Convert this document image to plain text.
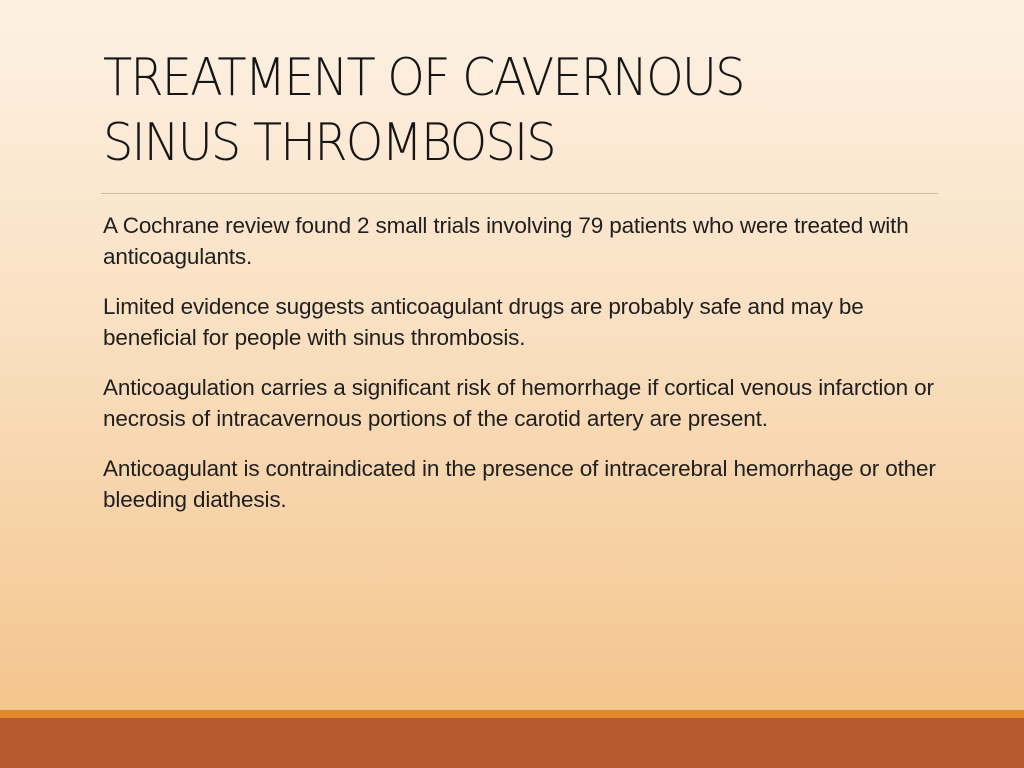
TREATMENT OF CAVERNOUS
SINUS THROMBOSIS

A Cochrane review found 2 small trials involving 79 patients who were treated with anticoagulants.

Limited evidence suggests anticoagulant drugs are probably safe and may be beneficial for people with sinus thrombosis.

Anticoagulation carries a significant risk of hemorrhage if cortical venous infarction or necrosis of intracavernous portions of the carotid artery are present.

Anticoagulant is contraindicated in the presence of intracerebral hemorrhage or other bleeding diathesis.
